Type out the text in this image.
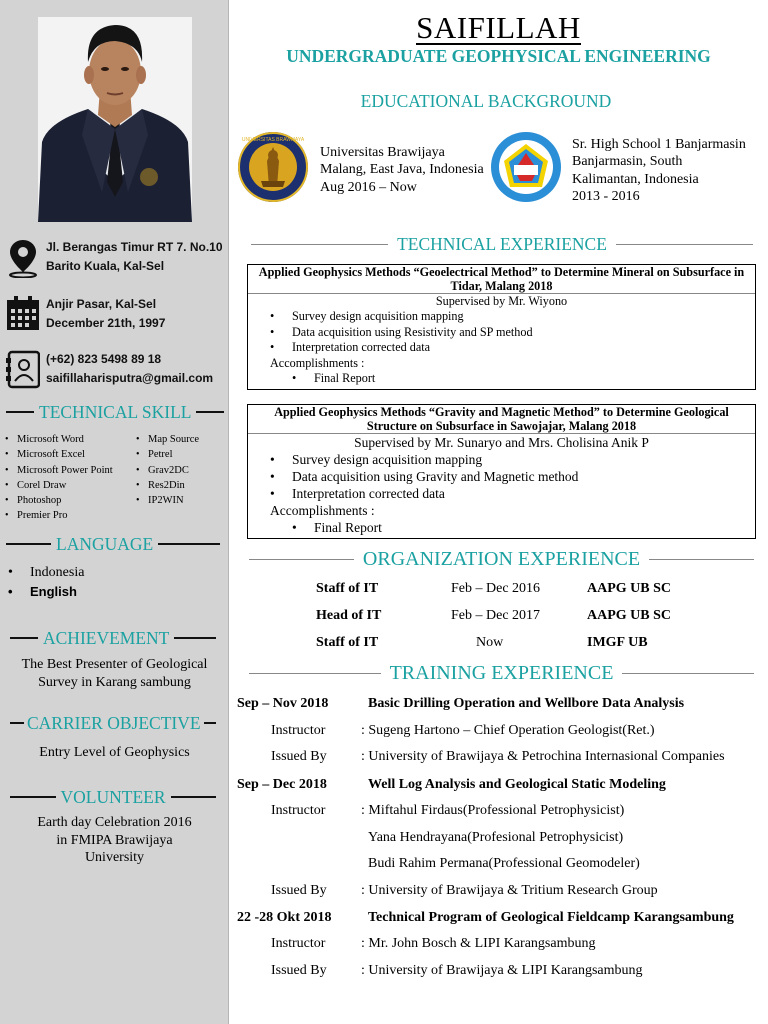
Jl. Berangas Timur RT 7. No.10
Barito Kuala, Kal-Sel
Anjir Pasar, Kal-Sel
December 21th, 1997
(+62) 823 5498 89 18
saifillaharisputra@gmail.com
TECHNICAL SKILL
• Microsoft Word
• Microsoft Excel
• Microsoft Power Point
• Corel Draw
• Photoshop
• Premier Pro
• Map Source
• Petrel
• Grav2DC
• Res2Din
• IP2WIN
LANGUAGE
• Indonesia
• English
ACHIEVEMENT
The Best Presenter of Geological
Survey in Karang sambung
CARRIER OBJECTIVE
Entry Level of Geophysics
VOLUNTEER
Earth day Celebration 2016
in FMIPA Brawijaya
University
SAIFILLAH
UNDERGRADUATE GEOPHYSICAL ENGINEERING
EDUCATIONAL BACKGROUND
UNIVERSITAS BRAWIJAYA
Universitas Brawijaya
Malang, East Java, Indonesia
Aug 2016 – Now
Sr. High School 1 Banjarmasin
Banjarmasin, South
Kalimantan, Indonesia
2013 - 2016
TECHNICAL EXPERIENCE
Applied Geophysics Methods “Geoelectrical Method” to Determine Mineral on Subsurface in
Tidar, Malang 2018
Supervised by Mr. Wiyono
• Survey design acquisition mapping
• Data acquisition using Resistivity and SP method
• Interpretation corrected data
Accomplishments :
• Final Report
Applied Geophysics Methods “Gravity and Magnetic Method” to Determine Geological
Structure on Subsurface in Sawojajar, Malang 2018
Supervised by Mr. Sunaryo and Mrs. Cholisina Anik P
• Survey design acquisition mapping
• Data acquisition using Gravity and Magnetic method
• Interpretation corrected data
Accomplishments :
• Final Report
ORGANIZATION EXPERIENCE
Staff of IT	Feb – Dec 2016	AAPG UB SC
Head of IT	Feb – Dec 2017	AAPG UB SC
Staff of IT	Now	IMGF UB
TRAINING EXPERIENCE
Sep – Nov 2018	Basic Drilling Operation and Wellbore Data Analysis
Instructor	: Sugeng Hartono – Chief Operation Geologist(Ret.)
Issued By : University of Brawijaya & Petrochina Internasional Companies
Sep – Dec 2018	Well Log Analysis and Geological Static Modeling
Instructor	: Miftahul Firdaus(Professional Petrophysicist)
Yana Hendrayana(Profesional Petrophysicist)
Budi Rahim Permana(Professional Geomodeler)
Issued By : University of Brawijaya & Tritium Research Group
22 -28 Okt 2018	Technical Program of Geological Fieldcamp Karangsambung
Instructor	: Mr. John Bosch & LIPI Karangsambung
Issued By : University of Brawijaya & LIPI Karangsambung
